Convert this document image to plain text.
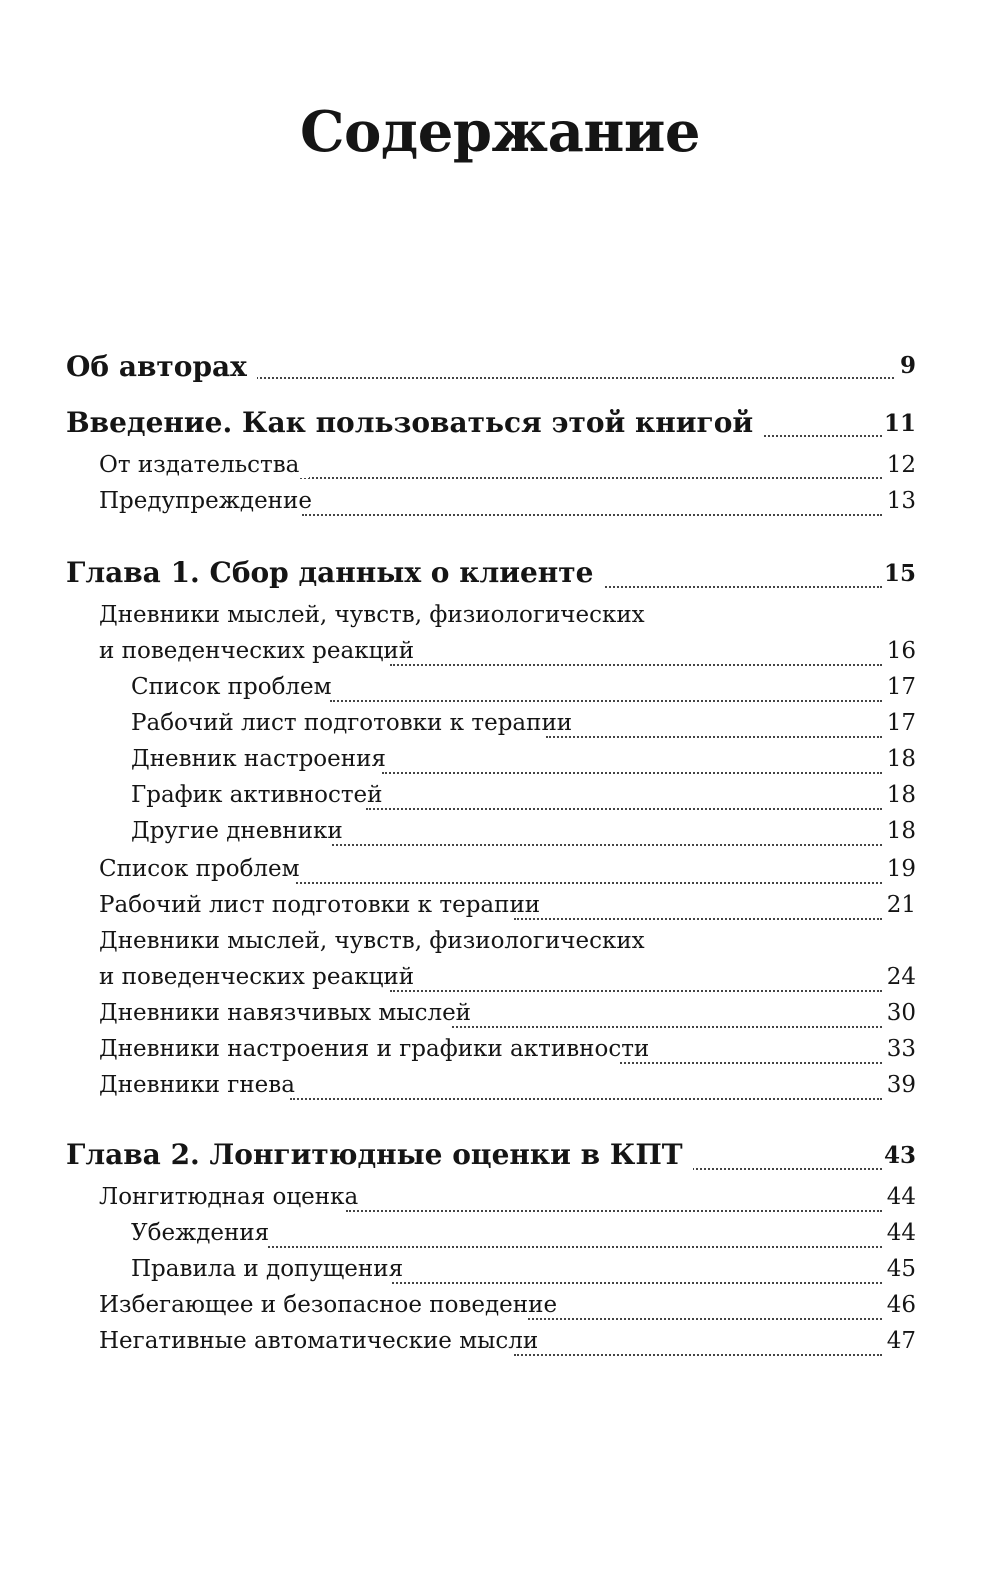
Содержание
Об авторах	9
Введение. Как пользоваться этой книгой	11
От издательства	12
Предупреждение	13
Глава 1. Сбор данных о клиенте	15
Дневники мыслей, чувств, физиологических
и поведенческих реакций	16
Список проблем	17
Рабочий лист подготовки к терапии	17
Дневник настроения	18
График активностей	18
Другие дневники	18
Список проблем	19
Рабочий лист подготовки к терапии	21
Дневники мыслей, чувств, физиологических
и поведенческих реакций	24
Дневники навязчивых мыслей	30
Дневники настроения и графики активности	33
Дневники гнева	39
Глава 2. Лонгитюдные оценки в КПТ	43
Лонгитюдная оценка	44
Убеждения	44
Правила и допущения	45
Избегающее и безопасное поведение	46
Негативные автоматические мысли	47
